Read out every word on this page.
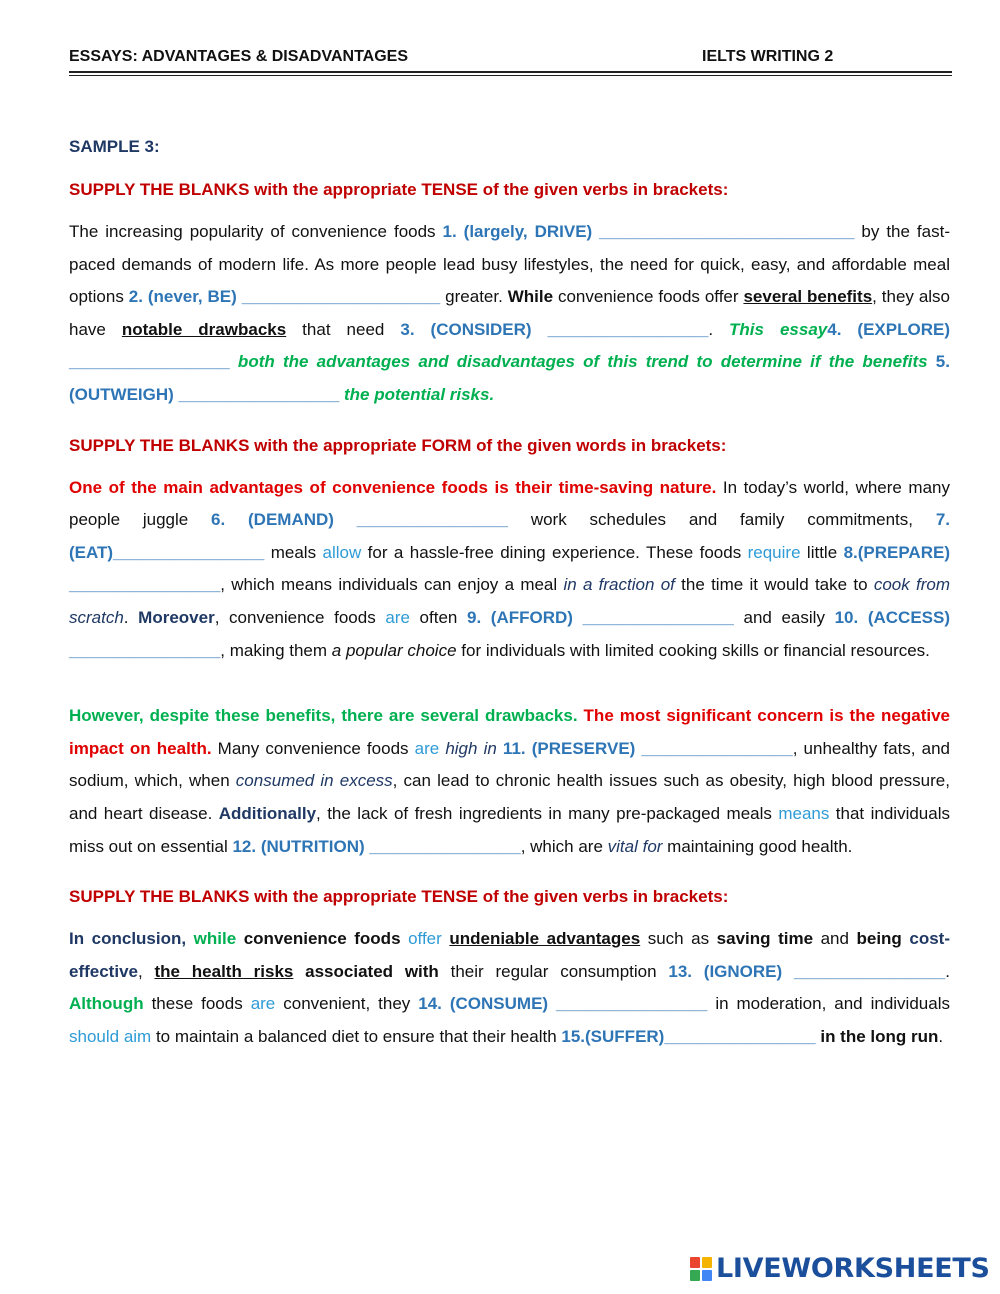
ESSAYS: ADVANTAGES & DISADVANTAGES	IELTS WRITING 2

SAMPLE 3:

SUPPLY THE BLANKS with the appropriate TENSE of the given verbs in brackets:

The increasing popularity of convenience foods 1. (largely, DRIVE) ___________________________ by the fast-paced demands of modern life. As more people lead busy lifestyles, the need for quick, easy, and affordable meal options 2. (never, BE) _____________________ greater. While convenience foods offer several benefits, they also have notable drawbacks that need 3. (CONSIDER) _________________. This essay4. (EXPLORE) _________________ both the advantages and disadvantages of this trend to determine if the benefits 5. (OUTWEIGH) _________________ the potential risks.

SUPPLY THE BLANKS with the appropriate FORM of the given words in brackets:

One of the main advantages of convenience foods is their time-saving nature. In today’s world, where many people juggle 6. (DEMAND) ________________ work schedules and family commitments, 7.(EAT)________________ meals allow for a hassle-free dining experience. These foods require little 8.(PREPARE) ________________, which means individuals can enjoy a meal in a fraction of the time it would take to cook from scratch. Moreover, convenience foods are often 9. (AFFORD) ________________ and easily 10. (ACCESS) ________________, making them a popular choice for individuals with limited cooking skills or financial resources.

However, despite these benefits, there are several drawbacks. The most significant concern is the negative impact on health. Many convenience foods are high in 11. (PRESERVE) ________________, unhealthy fats, and sodium, which, when consumed in excess, can lead to chronic health issues such as obesity, high blood pressure, and heart disease. Additionally, the lack of fresh ingredients in many pre-packaged meals means that individuals miss out on essential 12. (NUTRITION) ________________, which are vital for maintaining good health.

SUPPLY THE BLANKS with the appropriate TENSE of the given verbs in brackets:

In conclusion, while convenience foods offer undeniable advantages such as saving time and being cost-effective, the health risks associated with their regular consumption 13. (IGNORE) ________________. Although these foods are convenient, they 14. (CONSUME) ________________ in moderation, and individuals should aim to maintain a balanced diet to ensure that their health 15.(SUFFER)________________ in the long run.

LIVEWORKSHEETS
